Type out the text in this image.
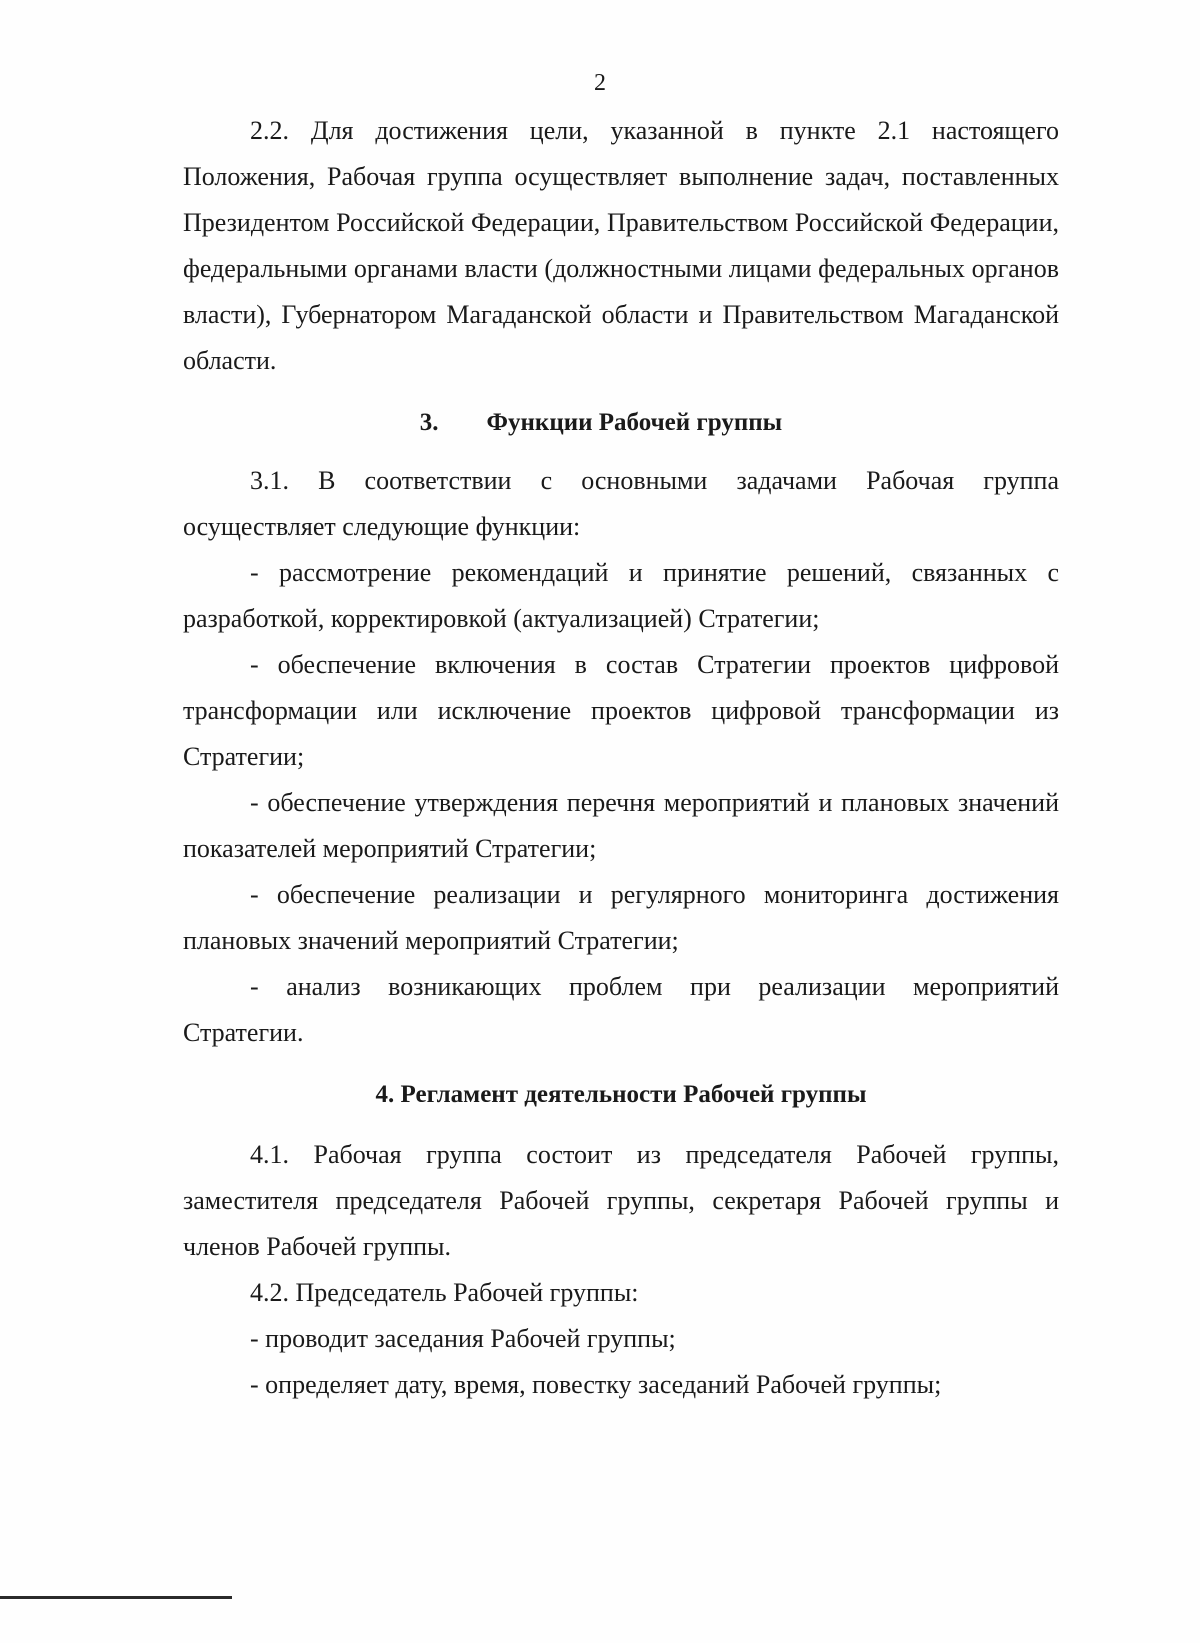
2

2.2. Для достижения цели, указанной в пункте 2.1 настоящего Положения, Рабочая группа осуществляет выполнение задач, поставленных Президентом Российской Федерации, Правительством Российской Федерации, федеральными органами власти (должностными лицами федеральных органов власти), Губернатором Магаданской области и Правительством Магаданской области.

3. Функции Рабочей группы

3.1. В соответствии с основными задачами Рабочая группа осуществляет следующие функции:

- рассмотрение рекомендаций и принятие решений, связанных с разработкой, корректировкой (актуализацией) Стратегии;

- обеспечение включения в состав Стратегии проектов цифровой трансформации или исключение проектов цифровой трансформации из Стратегии;

- обеспечение утверждения перечня мероприятий и плановых значений показателей мероприятий Стратегии;

- обеспечение реализации и регулярного мониторинга достижения плановых значений мероприятий Стратегии;

- анализ возникающих проблем при реализации мероприятий Стратегии.

4. Регламент деятельности Рабочей группы

4.1. Рабочая группа состоит из председателя Рабочей группы, заместителя председателя Рабочей группы, секретаря Рабочей группы и членов Рабочей группы.

4.2. Председатель Рабочей группы:

- проводит заседания Рабочей группы;

- определяет дату, время, повестку заседаний Рабочей группы;
